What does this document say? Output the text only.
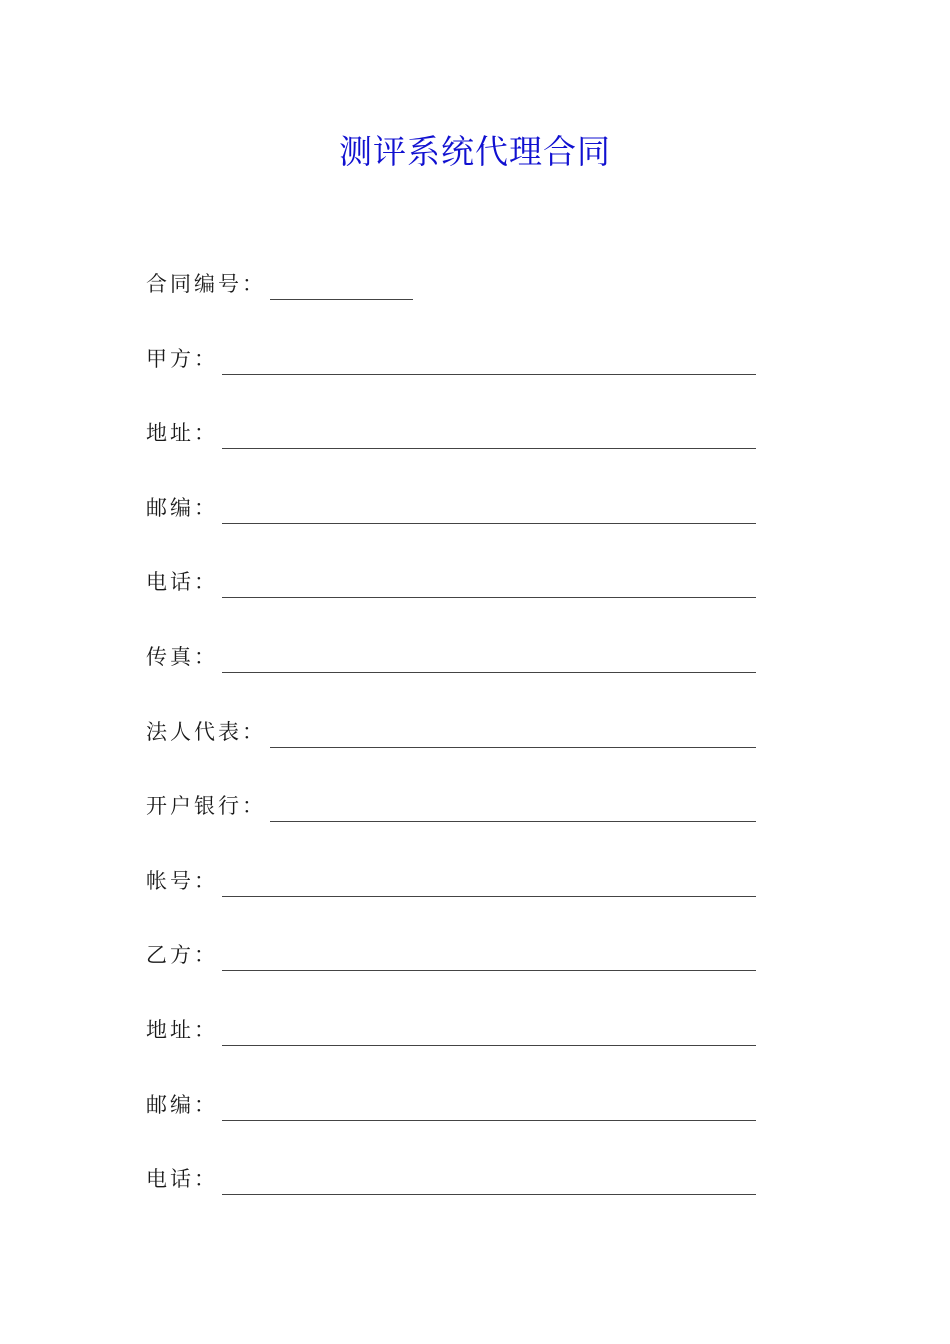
测评系统代理合同
合同编号：
甲方：
地址：
邮编：
电话：
传真：
法人代表：
开户银行：
帐号：
乙方：
地址：
邮编：
电话：
